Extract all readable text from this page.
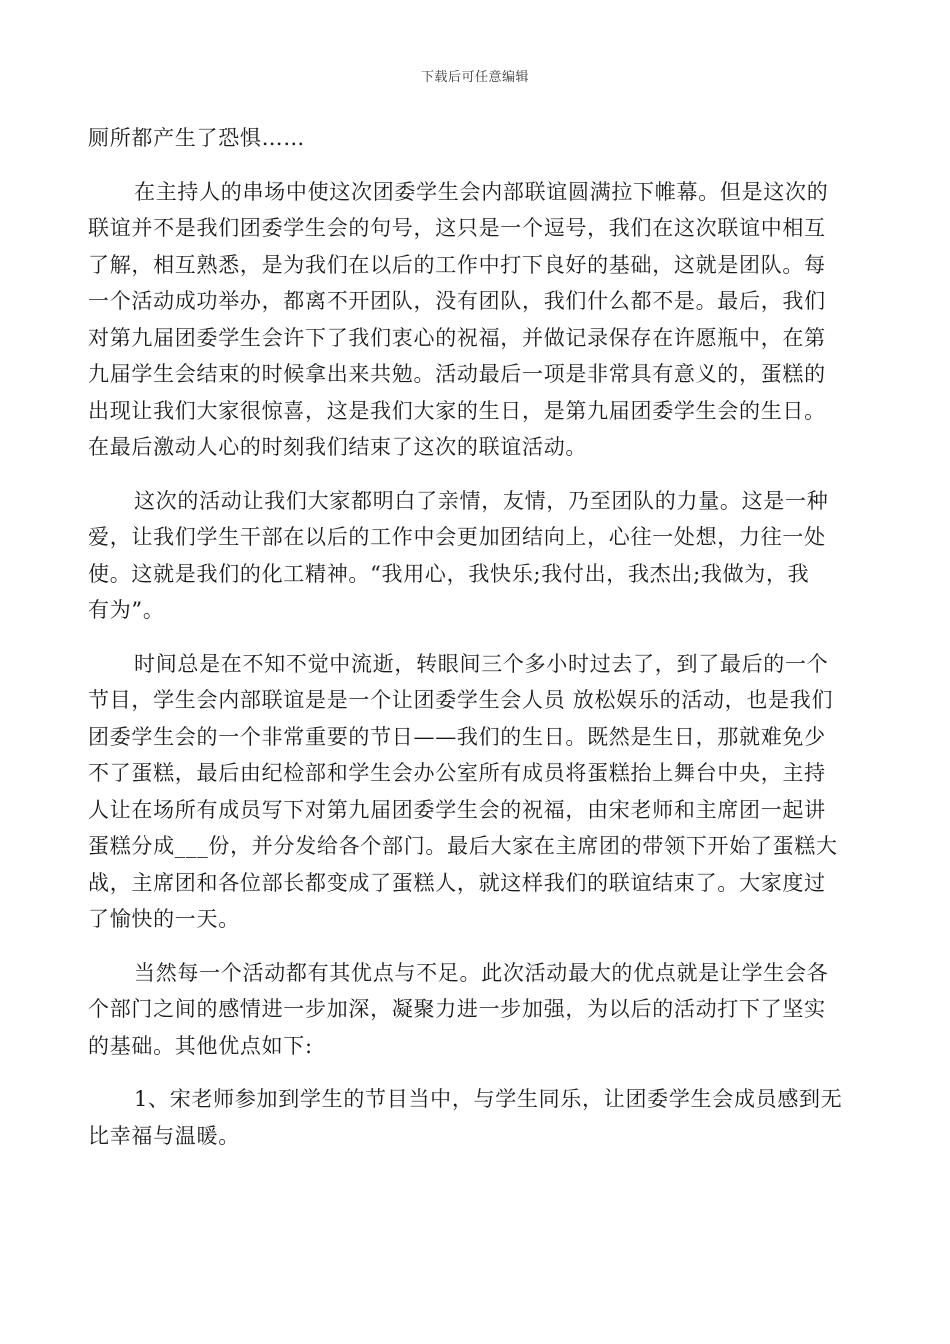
下载后可任意编辑
厕所都产生了恐惧……
在主持人的串场中使这次团委学生会内部联谊圆满拉下帷幕。但是这次的
联谊并不是我们团委学生会的句号，这只是一个逗号，我们在这次联谊中相互
了解，相互熟悉，是为我们在以后的工作中打下良好的基础，这就是团队。每
一个活动成功举办，都离不开团队，没有团队，我们什么都不是。最后，我们
对第九届团委学生会许下了我们衷心的祝福，并做记录保存在许愿瓶中，在第
九届学生会结束的时候拿出来共勉。活动最后一项是非常具有意义的，蛋糕的
出现让我们大家很惊喜，这是我们大家的生日，是第九届团委学生会的生日。
在最后激动人心的时刻我们结束了这次的联谊活动。
这次的活动让我们大家都明白了亲情，友情，乃至团队的力量。这是一种
爱，让我们学生干部在以后的工作中会更加团结向上，心往一处想，力往一处
使。这就是我们的化工精神。“我用心，我快乐;我付出，我杰出;我做为，我
有为”。
时间总是在不知不觉中流逝，转眼间三个多小时过去了，到了最后的一个
节目，学生会内部联谊是是一个让团委学生会人员 放松娱乐的活动，也是我们
团委学生会的一个非常重要的节日——我们的生日。既然是生日，那就难免少
不了蛋糕，最后由纪检部和学生会办公室所有成员将蛋糕抬上舞台中央，主持
人让在场所有成员写下对第九届团委学生会的祝福，由宋老师和主席团一起讲
蛋糕分成___份，并分发给各个部门。最后大家在主席团的带领下开始了蛋糕大
战，主席团和各位部长都变成了蛋糕人，就这样我们的联谊结束了。大家度过
了愉快的一天。
当然每一个活动都有其优点与不足。此次活动最大的优点就是让学生会各
个部门之间的感情进一步加深，凝聚力进一步加强，为以后的活动打下了坚实
的基础。其他优点如下:
1、宋老师参加到学生的节目当中，与学生同乐，让团委学生会成员感到无
比幸福与温暖。
